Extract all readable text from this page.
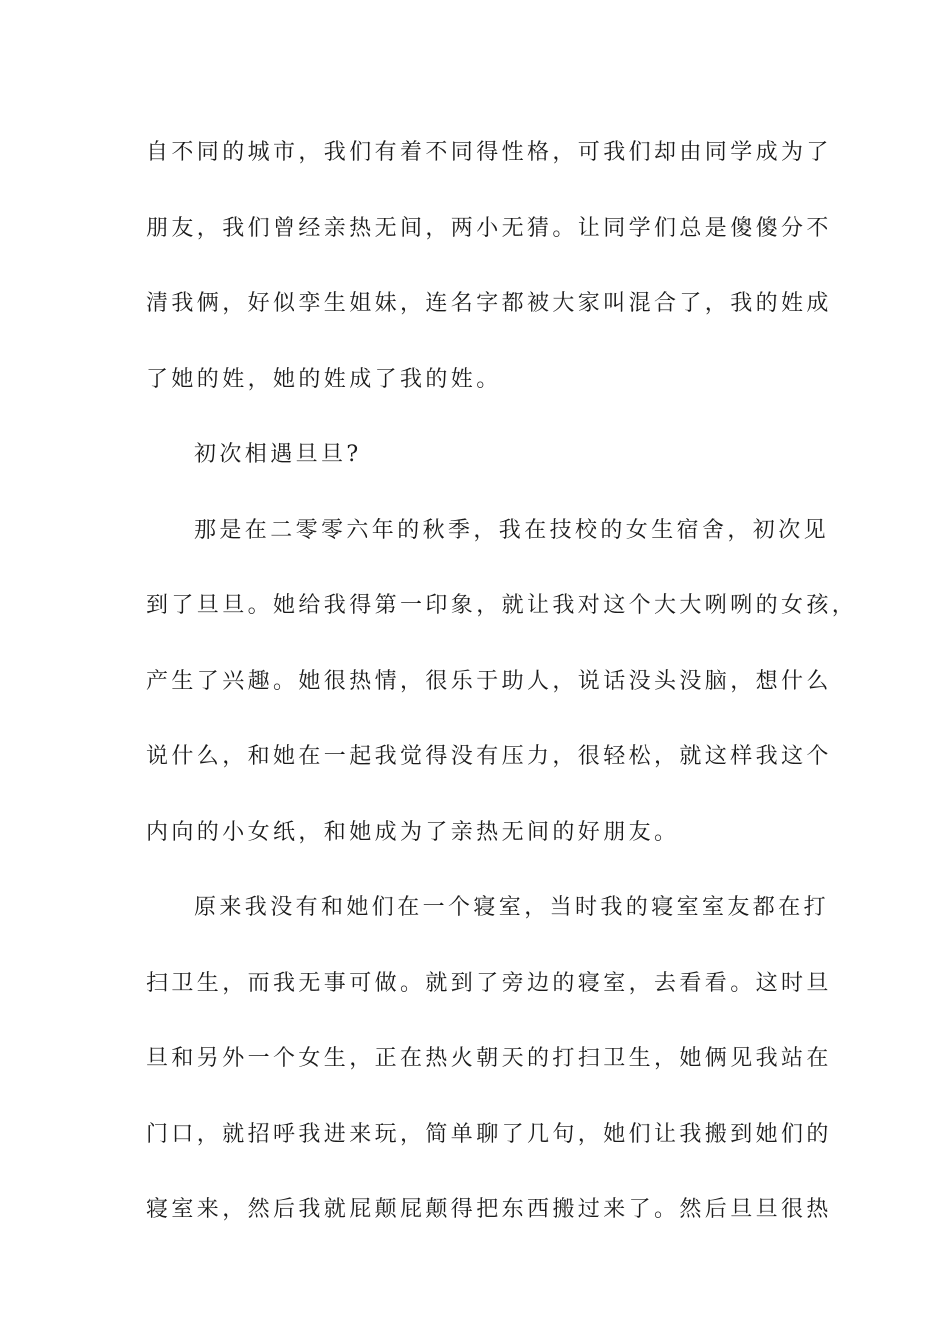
自不同的城市，我们有着不同得性格，可我们却由同学成为了
朋友，我们曾经亲热无间，两小无猜。让同学们总是傻傻分不
清我俩，好似孪生姐妹，连名字都被大家叫混合了，我的姓成
了她的姓，她的姓成了我的姓。
初次相遇旦旦?
那是在二零零六年的秋季，我在技校的女生宿舍，初次见
到了旦旦。她给我得第一印象，就让我对这个大大咧咧的女孩，
产生了兴趣。她很热情，很乐于助人，说话没头没脑，想什么
说什么，和她在一起我觉得没有压力，很轻松，就这样我这个
内向的小女纸，和她成为了亲热无间的好朋友。
原来我没有和她们在一个寝室，当时我的寝室室友都在打
扫卫生，而我无事可做。就到了旁边的寝室，去看看。这时旦
旦和另外一个女生，正在热火朝天的打扫卫生，她俩见我站在
门口，就招呼我进来玩，简单聊了几句，她们让我搬到她们的
寝室来，然后我就屁颠屁颠得把东西搬过来了。然后旦旦很热
